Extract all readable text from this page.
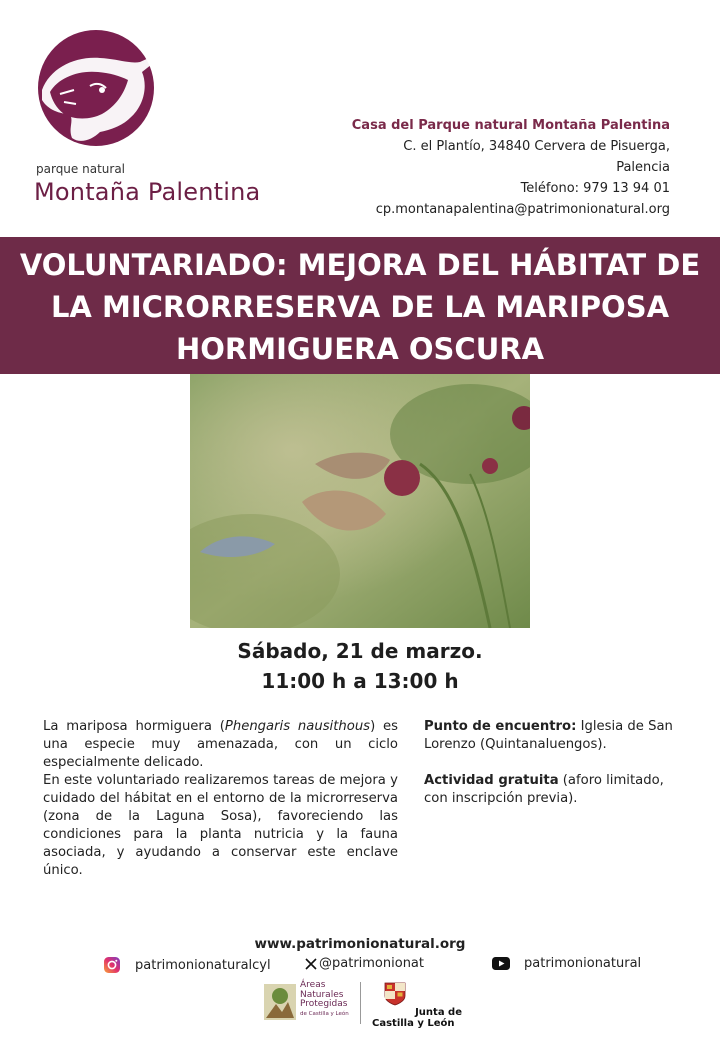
parque natural
Montaña Palentina
Casa del Parque natural Montaña Palentina
C. el Plantío, 34840 Cervera de Pisuerga,
Palencia
Teléfono: 979 13 94 01
cp.montanapalentina@patrimonionatural.org
VOLUNTARIADO: MEJORA DEL HÁBITAT DE
LA MICRORRESERVA DE LA MARIPOSA
HORMIGUERA OSCURA
Sábado, 21 de marzo.
11:00 h a 13:00 h

La mariposa hormiguera (Phengaris nausithous) es una especie muy amenazada, con un ciclo especialmente delicado.

En este voluntariado realizaremos tareas de mejora y cuidado del hábitat en el entorno de la microrreserva (zona de la Laguna Sosa), favoreciendo las condiciones para la planta nutricia y la fauna asociada, y ayudando a conservar este enclave único.

Punto de encuentro: Iglesia de San Lorenzo (Quintanaluengos).

Actividad gratuita (aforo limitado, con inscripción previa).

www.patrimonionatural.org
patrimonionaturalcyl	@patrimonionat	patrimonionatural
Áreas
Naturales
Protegidas
de Castilla y León	Junta de
Castilla y León
